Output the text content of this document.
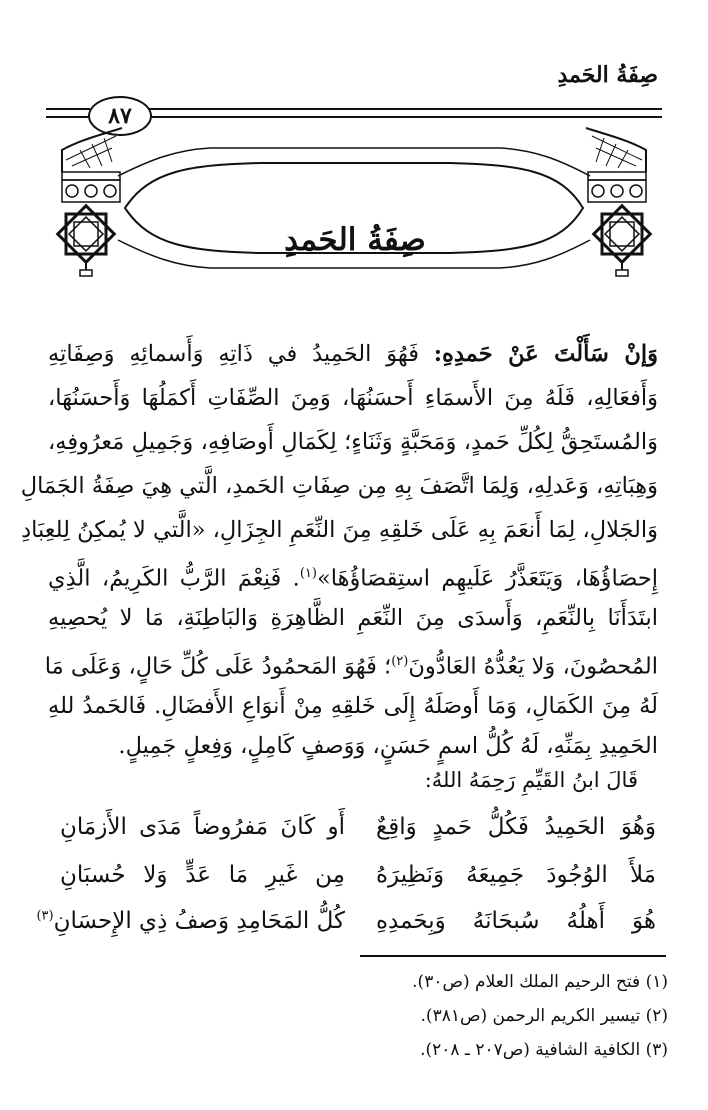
صِفَةُ الحَمدِ
٨٧
صِفَةُ الحَمدِ
وَإنْ سَأَلْتَ عَنْ حَمدِهِ: فَهُوَ الحَمِيدُ في ذَاتِهِ وَأَسمائِهِ وَصِفَاتِهِ
وَأَفعَالِهِ، فَلَهُ مِنَ الأَسمَاءِ أَحسَنُهَا، وَمِنَ الصِّفَاتِ أَكمَلُهَا وَأَحسَنُهَا،
وَالمُستَحِقُّ لِكُلِّ حَمدٍ، وَمَحَبَّةٍ وَثَنَاءٍ؛ لِكَمَالِ أَوصَافِهِ، وَجَمِيلِ مَعرُوفِهِ،
وَهِبَاتِهِ، وَعَدلِهِ، وَلِمَا اتَّصَفَ بِهِ مِن صِفَاتِ الحَمدِ، الَّتي هِيَ صِفَةُ الجَمَالِ
وَالجَلالِ، لِمَا أَنعَمَ بِهِ عَلَى خَلقِهِ مِنَ النِّعَمِ الجِزَالِ، «الَّتي لا يُمكِنُ لِلعِبَادِ
إِحصَاؤُهَا، وَيَتَعَذَّرُ عَلَيهِم استِقصَاؤُهَا»$^{(١)}$. فَنِعْمَ الرَّبُّ الكَرِيمُ، الَّذِي
ابتَدَأَنَا بِالنِّعَمِ، وَأَسدَى مِنَ النِّعَمِ الظَّاهِرَةِ وَالبَاطِنَةِ، مَا لا يُحصِيهِ
المُحصُونَ، وَلا يَعُدُّهُ العَادُّونَ$^{(٢)}$؛ فَهُوَ المَحمُودُ عَلَى كُلِّ حَالٍ، وَعَلَى مَا
لَهُ مِنَ الكَمَالِ، وَمَا أَوصَلَهُ إِلَى خَلقِهِ مِنْ أَنوَاعِ الأَفضَالِ. فَالحَمدُ للهِ
الحَمِيدِ بِمَنِّهِ، لَهُ كُلُّ اسمٍ حَسَنٍ، وَوَصفٍ كَامِلٍ، وَفِعلٍ جَمِيلٍ.
قَالَ ابنُ القَيِّمِ رَحِمَهُ اللهُ:
وَهُوَ الحَمِيدُ فَكُلُّ حَمدٍ وَاقِعٌ
أَو كَانَ مَفرُوضاً مَدَى الأَزمَانِ
مَلأَ الوُجُودَ جَمِيعَهُ وَنَظِيرَهُ
مِن غَيرِ مَا عَدٍّ وَلا حُسبَانِ
هُوَ أَهلُهُ سُبحَانَهُ وَبِحَمدِهِ
كُلُّ المَحَامِدِ وَصفُ ذِي الإِحسَانِ$^{(٣)}$
(١) فتح الرحيم الملك العلام (ص٣٠).
(٢) تيسير الكريم الرحمن (ص٣٨١).
(٣) الكافية الشافية (ص٢٠٧ ـ ٢٠٨).
